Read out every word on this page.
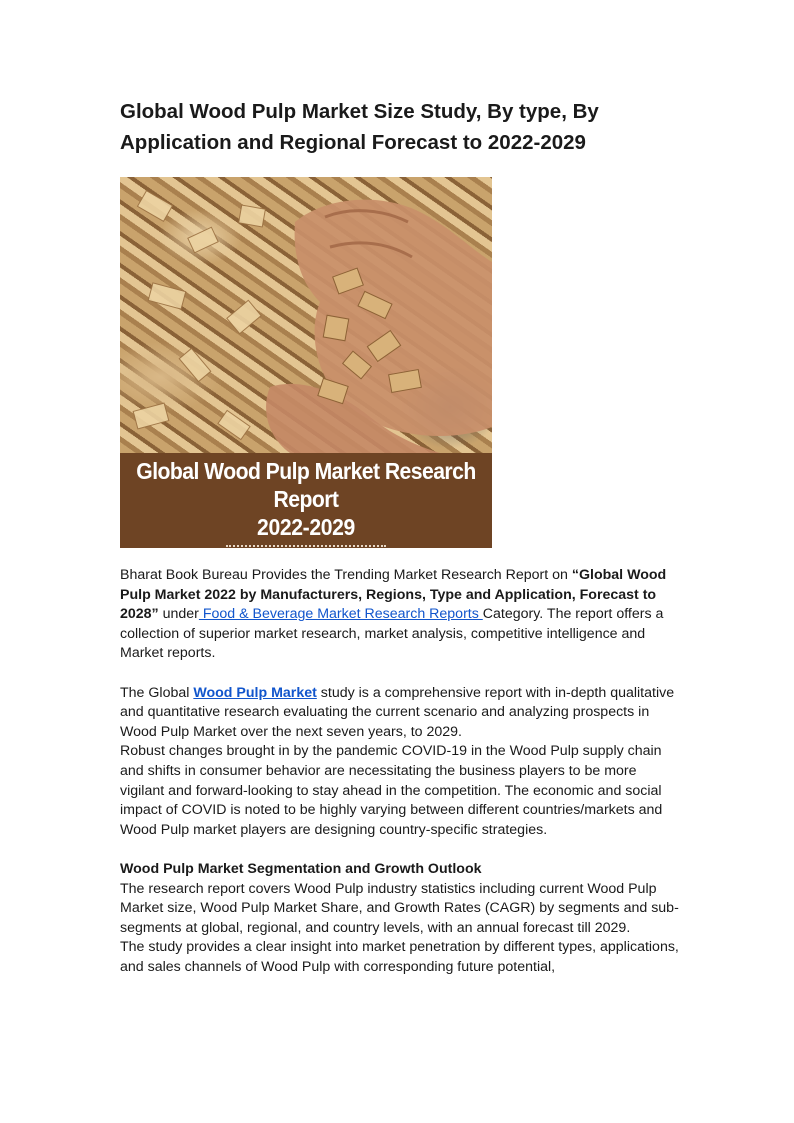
Global Wood Pulp Market Size Study, By type, By Application and Regional Forecast to 2022-2029
Global Wood Pulp Market Research Report
2022-2029
www.bharatbook.com

Bharat Book Bureau Provides the Trending Market Research Report on “Global Wood Pulp Market 2022 by Manufacturers, Regions, Type and Application, Forecast to 2028” under Food & Beverage Market Research Reports Category. The report offers a collection of superior market research, market analysis, competitive intelligence and Market reports.

The Global Wood Pulp Market study is a comprehensive report with in-depth qualitative and quantitative research evaluating the current scenario and analyzing prospects in Wood Pulp Market over the next seven years, to 2029.

Robust changes brought in by the pandemic COVID-19 in the Wood Pulp supply chain and shifts in consumer behavior are necessitating the business players to be more vigilant and forward-looking to stay ahead in the competition. The economic and social impact of COVID is noted to be highly varying between different countries/markets and Wood Pulp market players are designing country-specific strategies.

Wood Pulp Market Segmentation and Growth Outlook

The research report covers Wood Pulp industry statistics including current Wood Pulp Market size, Wood Pulp Market Share, and Growth Rates (CAGR) by segments and sub-segments at global, regional, and country levels, with an annual forecast till 2029.

The study provides a clear insight into market penetration by different types, applications, and sales channels of Wood Pulp with corresponding future potential,
